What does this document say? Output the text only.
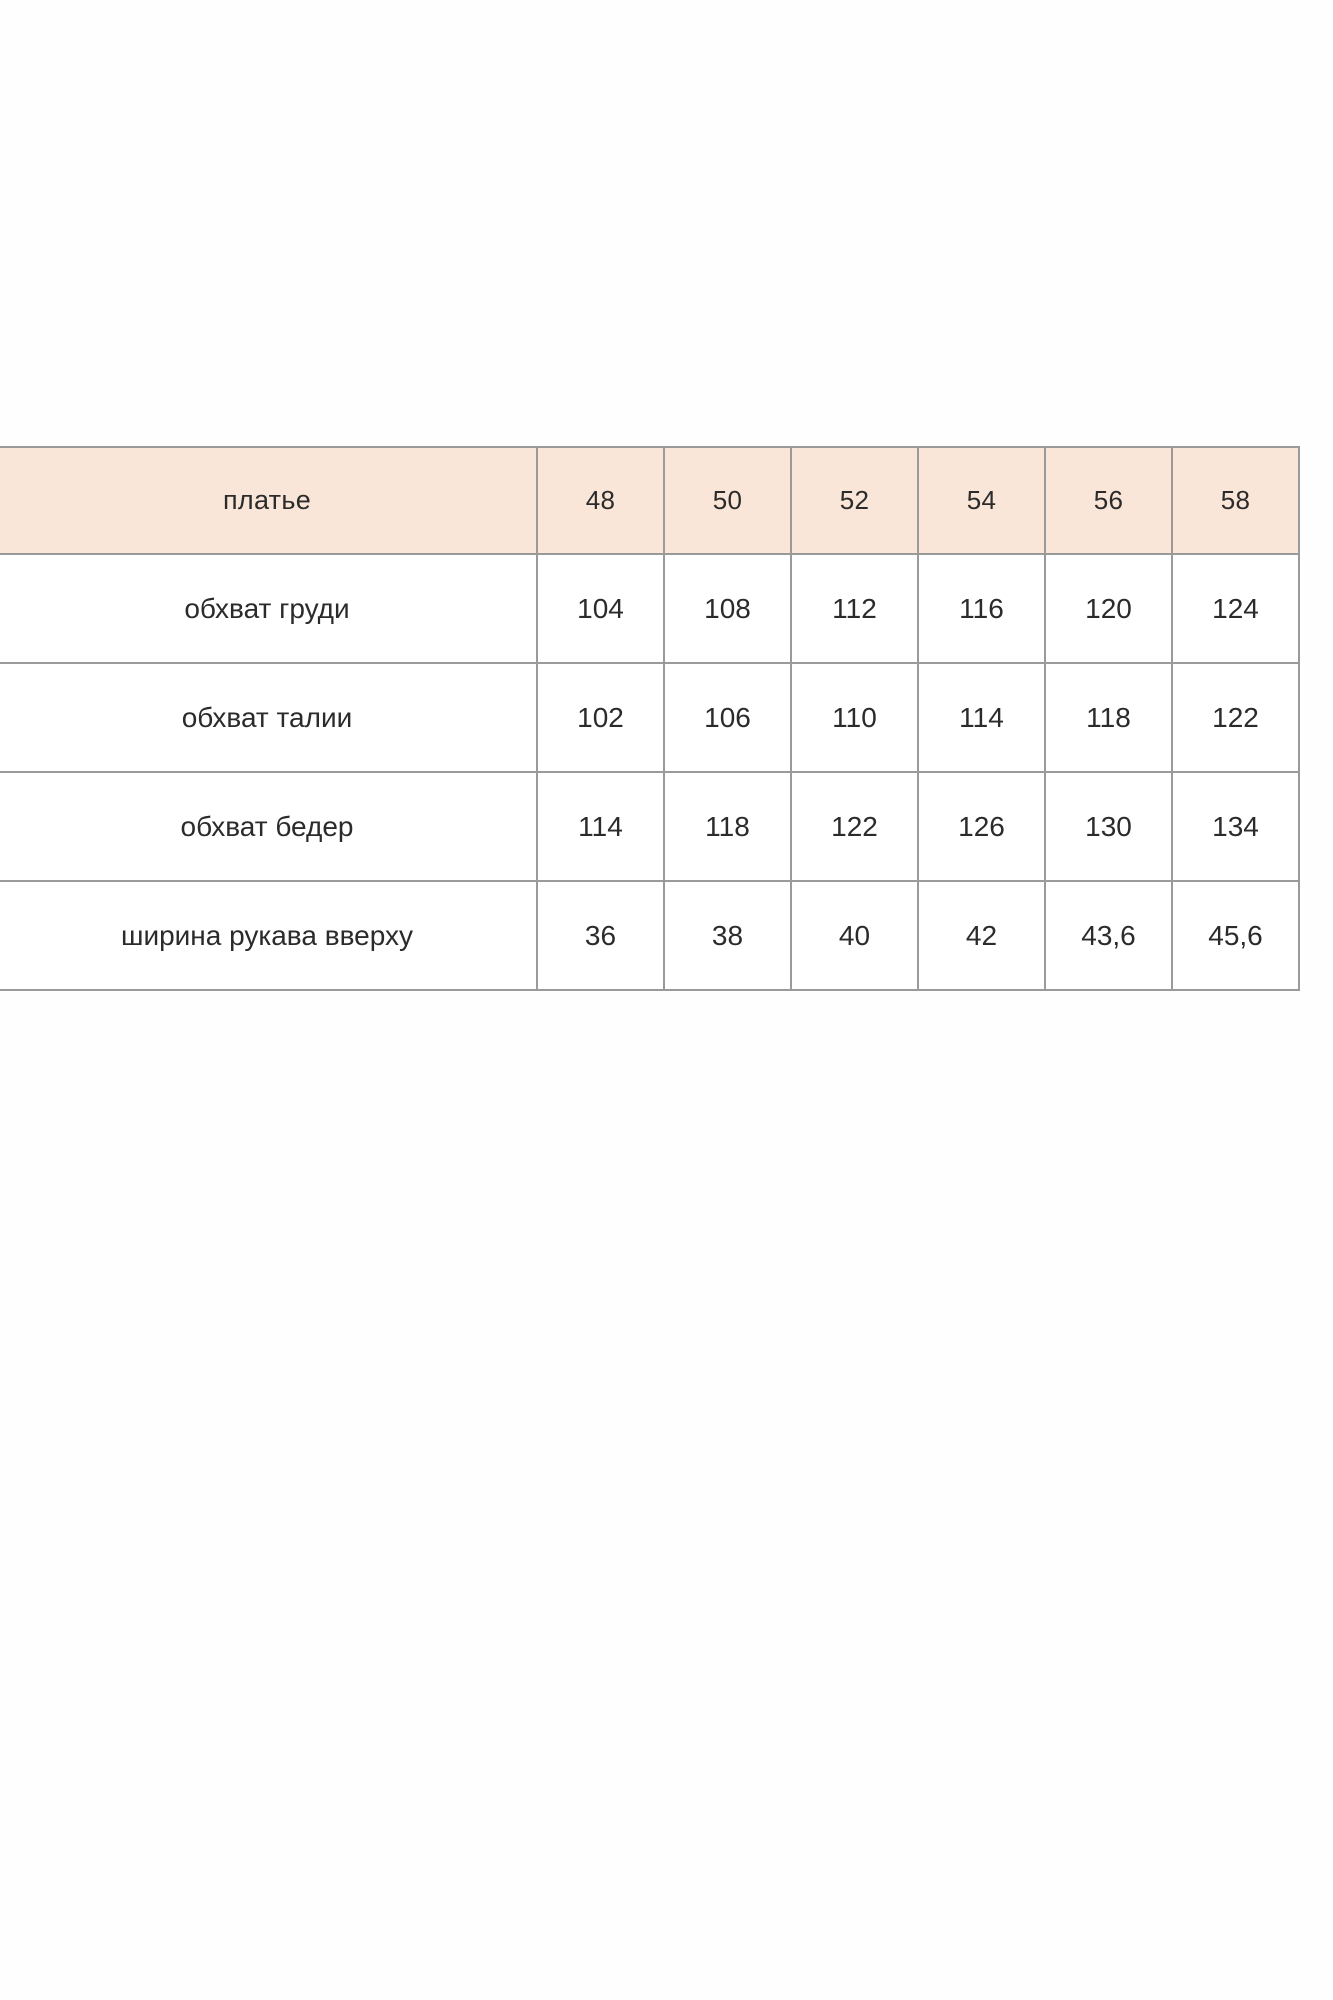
платье	48	50	52	54	56	58
обхват груди	104	108	112	116	120	124
обхват талии	102	106	110	114	118	122
обхват бедер	114	118	122	126	130	134
ширина рукава вверху	36	38	40	42	43,6	45,6
